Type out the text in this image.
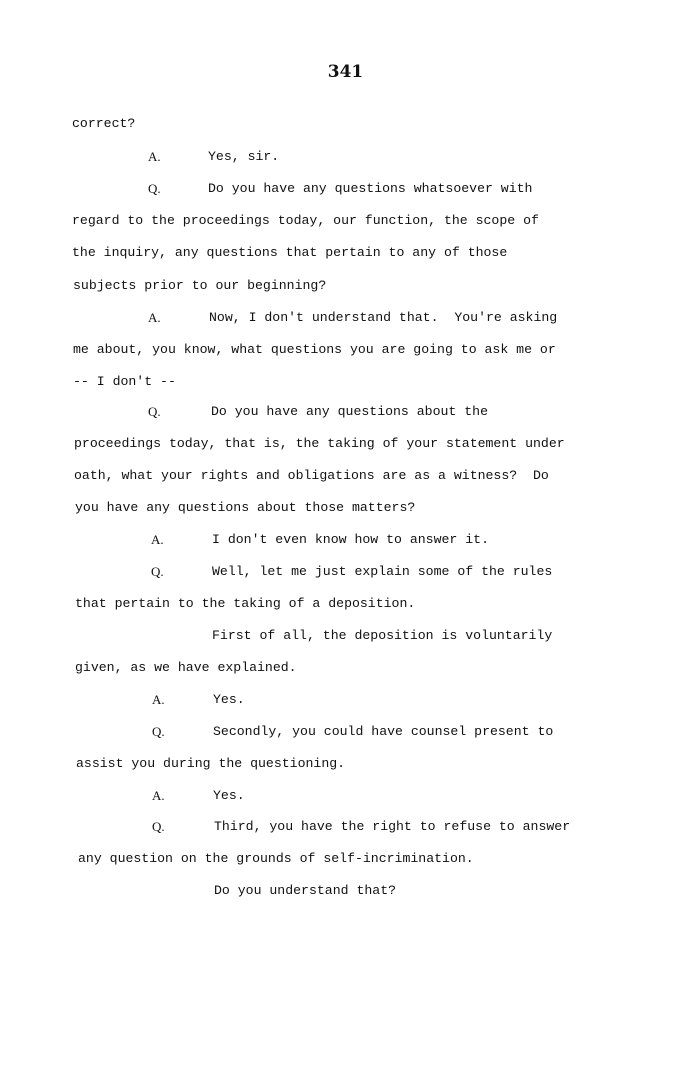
341
correct?
A.	Yes, sir.
Q.	Do you have any questions whatsoever with
regard to the proceedings today, our function, the scope of
the inquiry, any questions that pertain to any of those
subjects prior to our beginning?
A.	Now, I don't understand that.  You're asking
me about, you know, what questions you are going to ask me or
-- I don't --
Q.	Do you have any questions about the
proceedings today, that is, the taking of your statement under
oath, what your rights and obligations are as a witness?  Do
you have any questions about those matters?
A.	I don't even know how to answer it.
Q.	Well, let me just explain some of the rules
that pertain to the taking of a deposition.
First of all, the deposition is voluntarily
given, as we have explained.
A.	Yes.
Q.	Secondly, you could have counsel present to
assist you during the questioning.
A.	Yes.
Q.	Third, you have the right to refuse to answer
any question on the grounds of self-incrimination.
Do you understand that?
